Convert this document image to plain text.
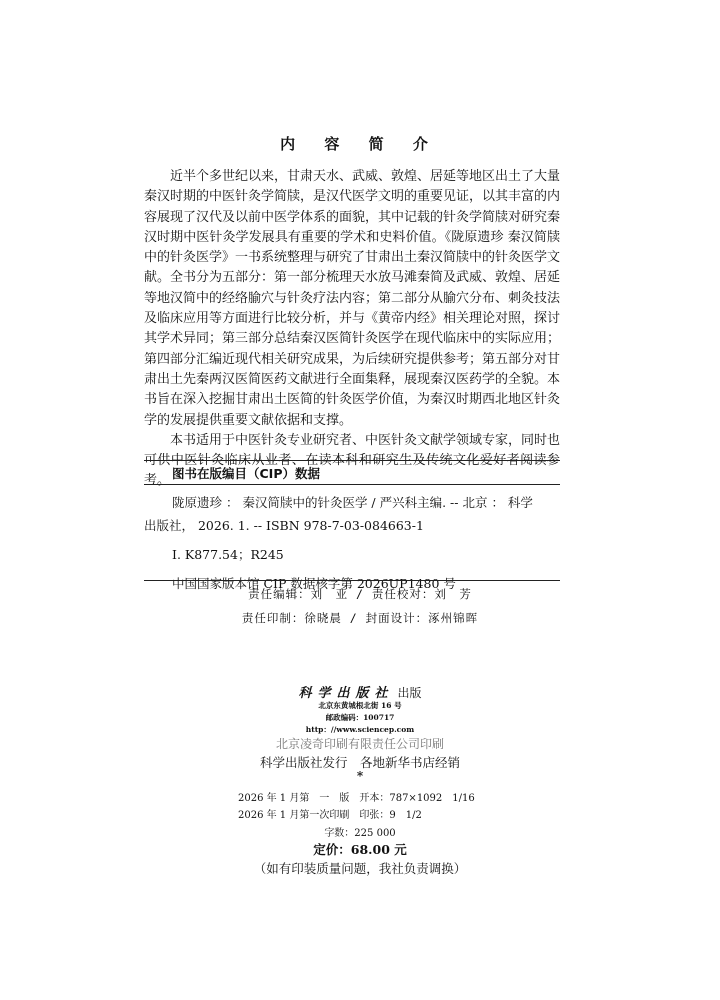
内 容 简 介

近半个多世纪以来，甘肃天水、武威、敦煌、居延等地区出土了大量秦汉时期的中医针灸学简牍，是汉代医学文明的重要见证，以其丰富的内容展现了汉代及以前中医学体系的面貌，其中记载的针灸学简牍对研究秦汉时期中医针灸学发展具有重要的学术和史料价值。《陇原遗珍 秦汉简牍中的针灸医学》一书系统整理与研究了甘肃出土秦汉简牍中的针灸医学文献。全书分为五部分：第一部分梳理天水放马滩秦简及武威、敦煌、居延等地汉简中的经络腧穴与针灸疗法内容；第二部分从腧穴分布、刺灸技法及临床应用等方面进行比较分析，并与《黄帝内经》相关理论对照，探讨其学术异同；第三部分总结秦汉医简针灸医学在现代临床中的实际应用；第四部分汇编近现代相关研究成果，为后续研究提供参考；第五部分对甘肃出土先秦两汉医简医药文献进行全面集释，展现秦汉医药学的全貌。本书旨在深入挖掘甘肃出土医简的针灸医学价值，为秦汉时期西北地区针灸学的发展提供重要文献依据和支撑。

本书适用于中医针灸专业研究者、中医针灸文献学领域专家，同时也可供中医针灸临床从业者、在读本科和研究生及传统文化爱好者阅读参考。 图书在版编目（CIP）数据
陇原遗珍 ： 秦汉简牍中的针灸医学 / 严兴科主编. -- 北京 ： 科学
出版社， 2026. 1. -- ISBN 978-7-03-084663-1
Ⅰ. K877.54；R245
中国国家版本馆 CIP 数据核字第 2026UP1480 号
责任编辑：刘　亚 / 责任校对：刘　芳
责任印制：徐晓晨 / 封面设计：涿州锦晖
科学出版社 出版
北京东黄城根北街 16 号
邮政编码：100717
http：//www.sciencep.com
北京凌奇印刷有限责任公司印刷
科学出版社发行　各地新华书店经销
*
2026 年 1 月第　一　版　开本：787×1092　1/16
2026 年 1 月第一次印刷　印张：9　1/2
字数：225 000
定价：68.00 元
（如有印装质量问题，我社负责调换）
